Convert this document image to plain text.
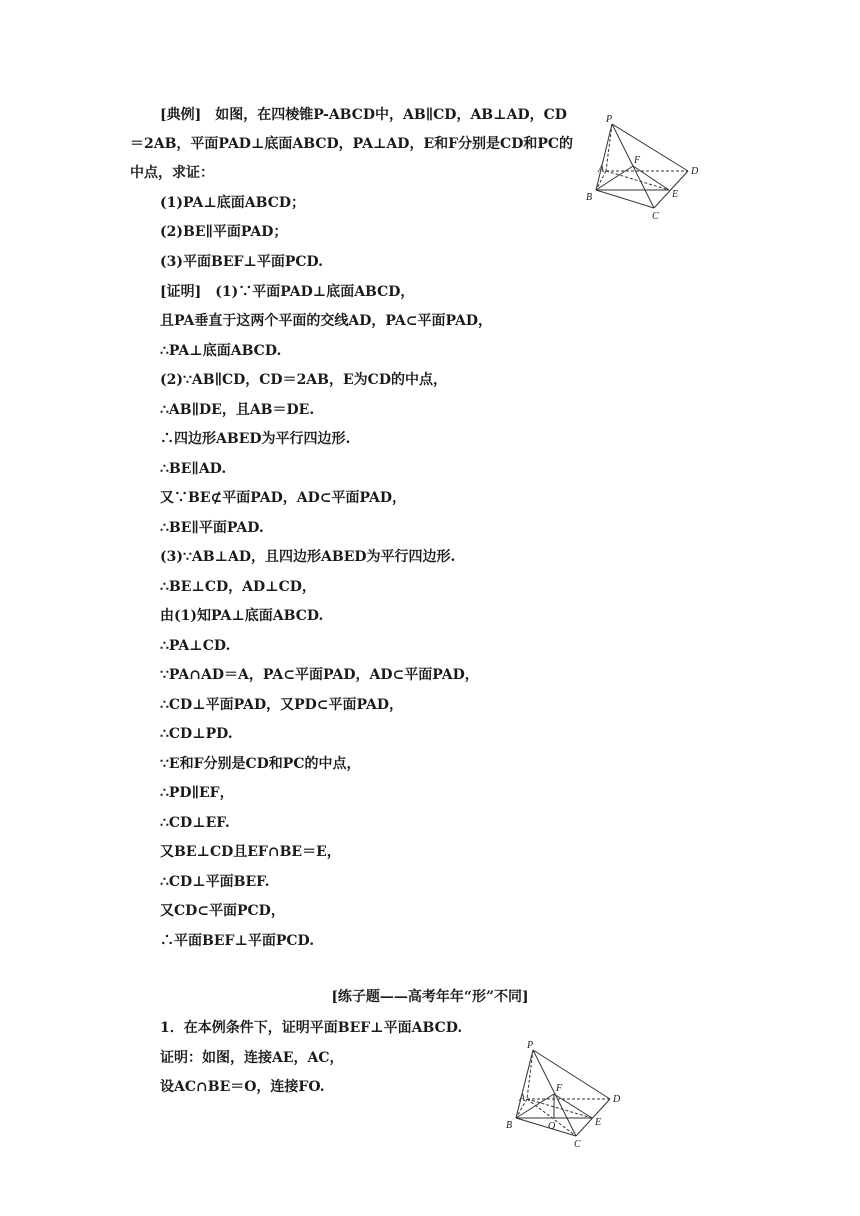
[典例]　如图，在四棱锥P-ABCD中，AB∥CD，AB⊥AD，CD＝2AB，平面PAD⊥底面ABCD，PA⊥AD，E和F分别是CD和PC的中点，求证：
(1)PA⊥底面ABCD；
(2)BE∥平面PAD；
(3)平面BEF⊥平面PCD.
[证明]　(1)∵平面PAD⊥底面ABCD，
且PA垂直于这两个平面的交线AD，PA⊂平面PAD，
∴PA⊥底面ABCD.
(2)∵AB∥CD，CD＝2AB，E为CD的中点，
∴AB∥DE，且AB＝DE.
∴四边形ABED为平行四边形.
∴BE∥AD.
又∵BE⊄平面PAD，AD⊂平面PAD，
∴BE∥平面PAD.
(3)∵AB⊥AD，且四边形ABED为平行四边形.
∴BE⊥CD，AD⊥CD，
由(1)知PA⊥底面ABCD.
∴PA⊥CD.
∵PA∩AD＝A，PA⊂平面PAD，AD⊂平面PAD，
∴CD⊥平面PAD，又PD⊂平面PAD，
∴CD⊥PD.
∵E和F分别是CD和PC的中点，
∴PD∥EF，
∴CD⊥EF.
又BE⊥CD且EF∩BE＝E，
∴CD⊥平面BEF.
又CD⊂平面PCD，
∴平面BEF⊥平面PCD.
[练子题——高考年年“形”不同]
1．在本例条件下，证明平面BEF⊥平面ABCD.
证明：如图，连接AE，AC，
设AC∩BE＝O，连接FO.
P
A
B
C
D
E
F
P
A
B
C
D
E
F
O
